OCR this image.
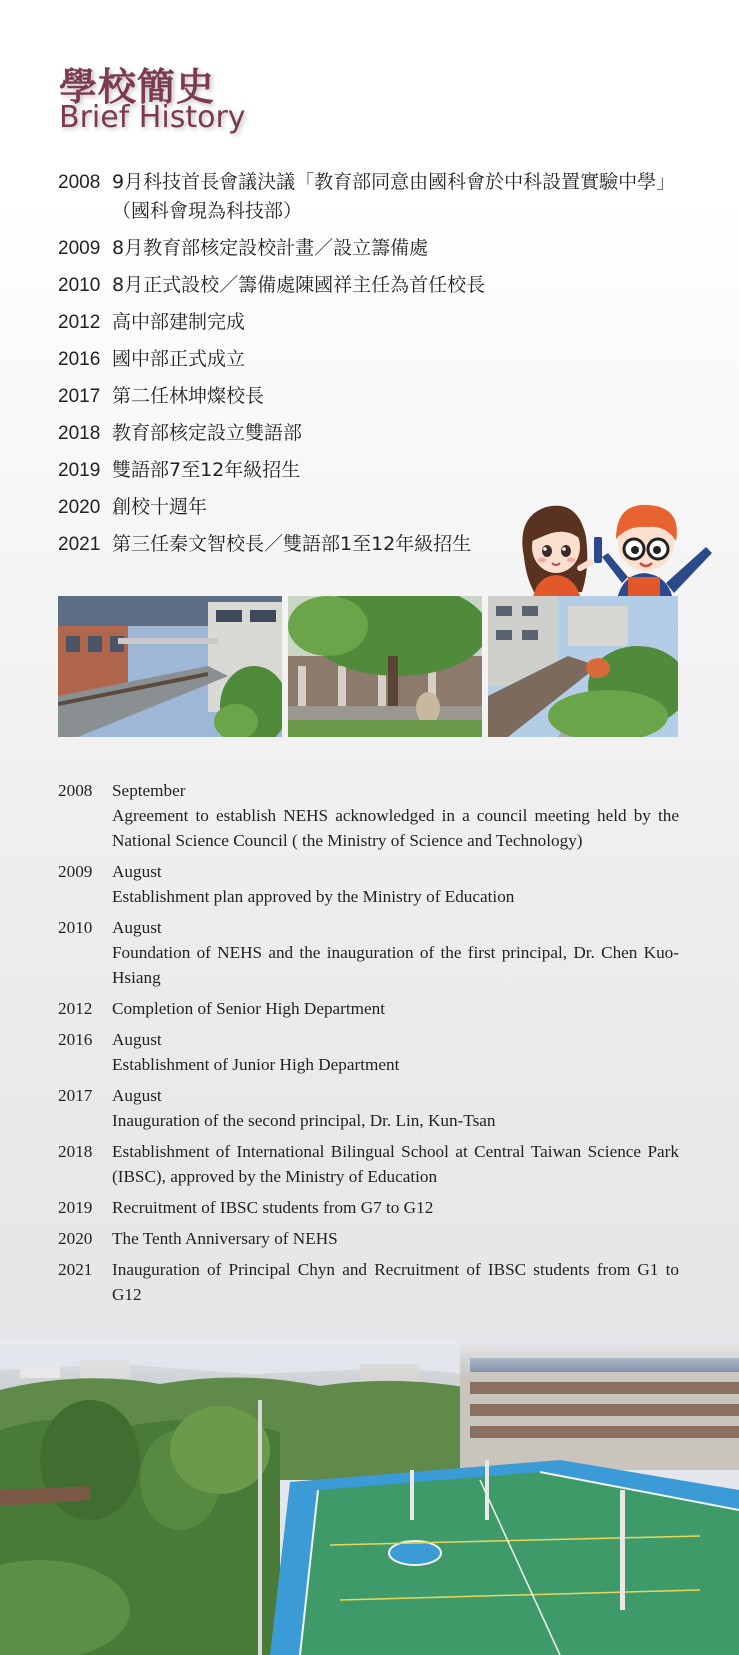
學校簡史
Brief History
2008 9月科技首長會議決議「教育部同意由國科會於中科設置實驗中學」（國科會現為科技部）
2009 8月教育部核定設校計畫／設立籌備處
2010 8月正式設校／籌備處陳國祥主任為首任校長
2012 高中部建制完成
2016 國中部正式成立
2017 第二任林坤燦校長
2018 教育部核定設立雙語部
2019 雙語部7至12年級招生
2020 創校十週年
2021 第三任秦文智校長／雙語部1至12年級招生
2008	September
Agreement to establish NEHS acknowledged in a council meeting held by the National Science Council ( the Ministry of Science and Technology)
2009	August
Establishment plan approved by the Ministry of Education
2010	August
Foundation of NEHS and the inauguration of the first principal, Dr. Chen Kuo-Hsiang
2012	Completion of Senior High Department
2016	August
Establishment of Junior High Department
2017	August
Inauguration of the second principal, Dr. Lin, Kun-Tsan
2018	Establishment of International Bilingual School at Central Taiwan Science Park (IBSC), approved by the Ministry of Education
2019	Recruitment of IBSC students from G7 to G12
2020	The Tenth Anniversary of NEHS
2021	Inauguration of Principal Chyn and Recruitment of IBSC students from G1 to G12
